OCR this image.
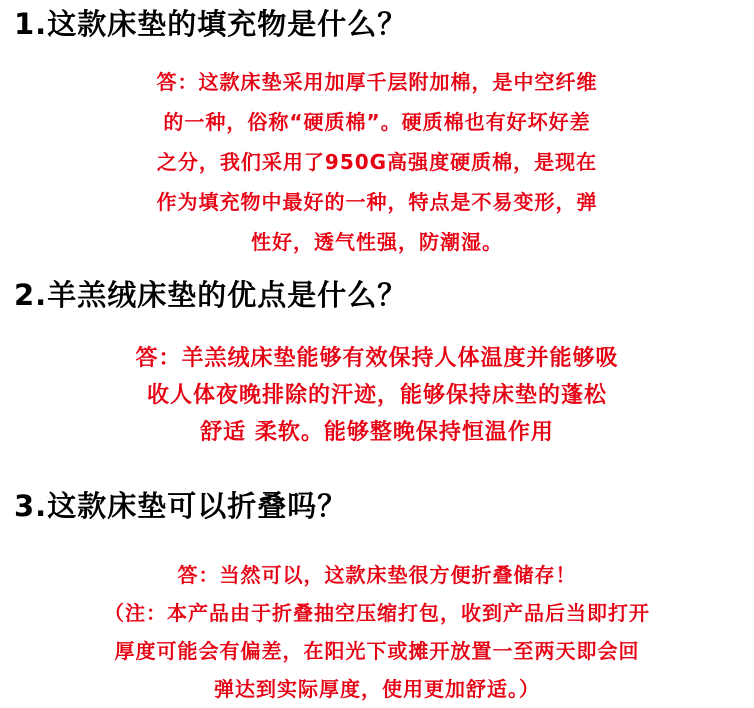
1.这款床垫的填充物是什么？
答：这款床垫采用加厚千层附加棉，是中空纤维
的一种，俗称“硬质棉”。硬质棉也有好坏好差
之分，我们采用了950G高强度硬质棉，是现在
作为填充物中最好的一种，特点是不易变形，弹
性好，透气性强，防潮湿。
2.羊羔绒床垫的优点是什么？
答：羊羔绒床垫能够有效保持人体温度并能够吸
收人体夜晚排除的汗迹，能够保持床垫的蓬松
舒适 柔软。能够整晚保持恒温作用
3.这款床垫可以折叠吗？
答：当然可以，这款床垫很方便折叠储存！
（注：本产品由于折叠抽空压缩打包，收到产品后当即打开
厚度可能会有偏差，在阳光下或摊开放置一至两天即会回
弹达到实际厚度，使用更加舒适。）
